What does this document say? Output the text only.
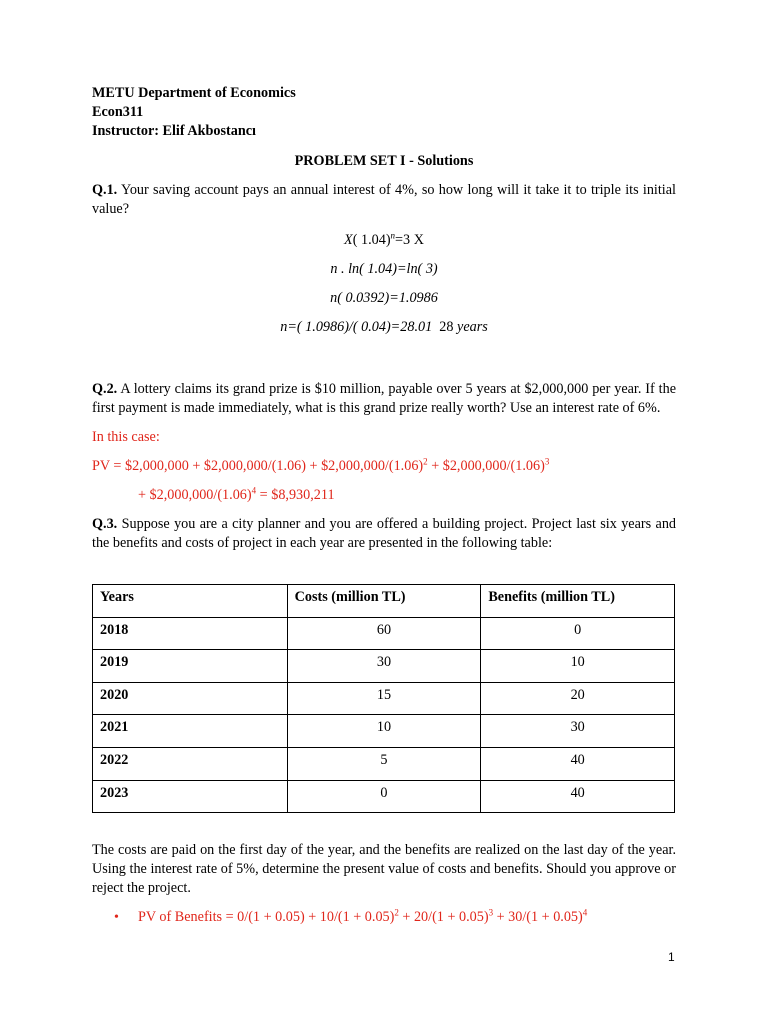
METU Department of Economics

Econ311

Instructor: Elif Akbostancı

PROBLEM SET I - Solutions
Q.1. Your saving account pays an annual interest of 4%, so how long will it take it to triple its initial value?
X( 1.04)$^n$=3 X
n . ln( 1.04)=ln( 3)
n( 0.0392)=1.0986
n=( 1.0986)/( 0.04)=28.01 28 years
Q.2. A lottery claims its grand prize is $10 million, payable over 5 years at $2,000,000 per year. If the first payment is made immediately, what is this grand prize really worth? Use an interest rate of 6%.
In this case:
PV = $2,000,000 + $2,000,000/(1.06) + $\$2,000,000/(1.06)^2$ + $\$2,000,000/(1.06)^3$
+ $\$2,000,000/(1.06)^4$ = $8,930,211
Q.3. Suppose you are a city planner and you are offered a building project. Project last six years and the benefits and costs of project in each year are presented in the following table:
Years	Costs (million TL)	Benefits (million TL)
2018	60	0
2019	30	10
2020	15	20
2021	10	30
2022	5	40
2023	0	40
The costs are paid on the first day of the year, and the benefits are realized on the last day of the year. Using the interest rate of 5%, determine the present value of costs and benefits. Should you approve or reject the project.
• PV of Benefits = $0/(1 + 0.05) + 10/(1 + 0.05)^2 + 20/(1 + 0.05)^3 + 30/(1 + 0.05)^4$
1
